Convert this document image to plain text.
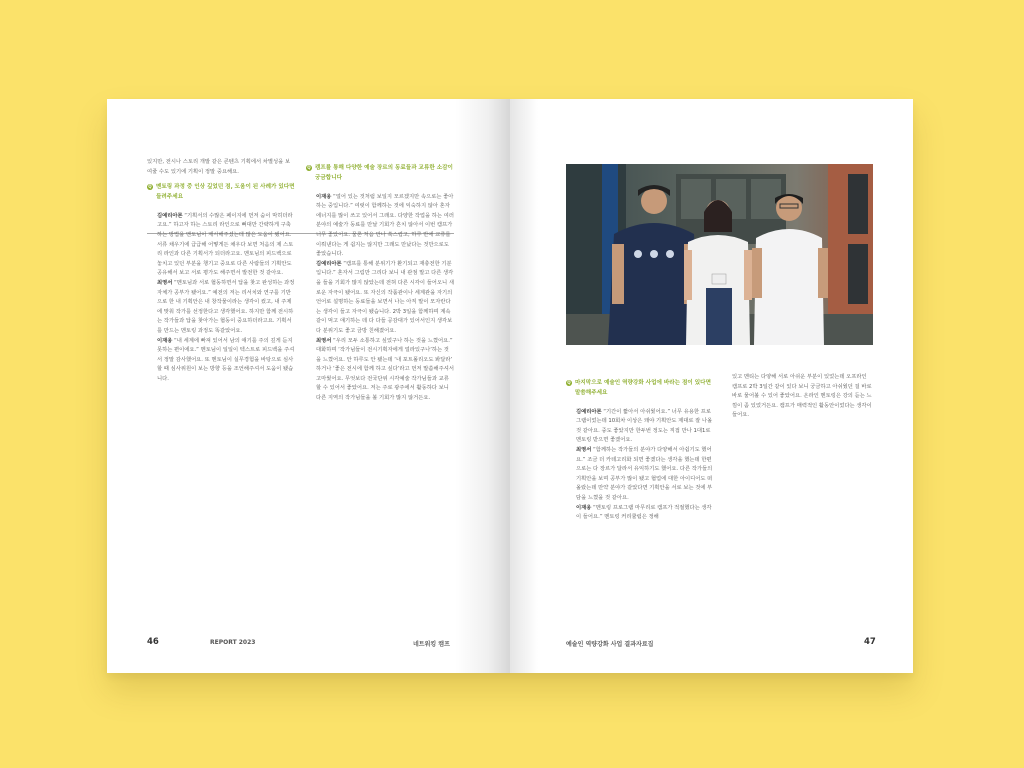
있지만, 전시나 스토리 개발 같은 콘텐츠 기획에서 차별성을 보여줄 수도 있기에 기획이 정말 중요해요.

Q 멘토링 과정 중 인상 깊었던 점, 도움이 된 사례가 있다면 들려주세요

김예리아론 “기획서의 수많은 페이지에 먼저 숨이 막히더라고요.” 하고자 하는 스토리 라인으로 뼈대만 간략하게 구축하는 방법을 멘토님이 제시해주셨는데 많은 도움이 됐어요. 서류 채우기에 급급해 어떻게든 채우다 보면 처음의 제 스토리 라인과 다른 기획서가 되더라고요. 멘토님의 피드백으로 놓치고 있던 부분을 챙기고 중요로 다른 사람들의 기획안도 공유해서 보고 서로 평가도 해주면서 발전한 것 같아요.

최영서 “멘토님과 서로 협동하면서 답을 찾고 완성하는 과정 자체가 공부가 됐어요.” 예전의 저는 리서치와 연구를 기반으로 한 내 기획안은 내 창작물이라는 생각이 컸고, 내 주제에 맞춰 작가를 선정한다고 생각했어요. 하지만 함께 전시하는 작가들과 답을 찾아가는 협동이 중요하더라고요. 기획서를 만드는 멘토링 과정도 똑같았어요.

이재웅 “내 세계에 빠져 있어서 남의 얘기를 주의 깊게 듣지 못하는 편이에요.” 멘토님이 일일이 텍스트로 피드백을 주셔서 정말 감사했어요. 또 멘토님이 실무경험을 바탕으로 심사할 때 심사위원이 보는 방향 등을 조언해주셔서 도움이 됐습니다.

Q 캠프를 통해 다양한 예술 장르의 동료들과 교류한 소감이 궁금합니다

이재웅 “얼어 있는 것처럼 보일지 모르겠지만 속으로는 좋아하는 중입니다.” 여럿이 함께하는 것에 익숙하지 않아 혼자 에너지를 많이 쓰고 있어서 그래요. 다양한 작업을 하는 여러 분야의 예술가 동료를 만날 기회가 흔치 않아서 이번 캠프가 너무 좋았어요. 물론 처음 만나 쑥스럽고, 하루 반에 교류를 이뤄낸다는 게 쉽지는 않지만 그래도 만났다는 것만으로도 좋았습니다.

김예리아론 “캠프를 통해 분위기가 환기되고 재충전한 기분입니다.” 혼자서 그림만 그리다 보니 내 관점 말고 다른 생각을 들을 기회가 많지 않았는데 전혀 다른 시각이 들어오니 새로운 자극이 됐어요. 또 자신의 작품관이나 세계관을 자기의 언어로 설명하는 동료들을 보면서 나는 아직 말이 모자란다는 생각이 들고 자극이 됐습니다. 2박 3일을 함께하며 계속 같이 먹고 얘기하는 데 다 다들 공감대가 있어서인지 생각보다 분위기도 좋고 금방 친해졌어요.

최영서 “우리 모두 소통하고 싶었구나 하는 것을 느꼈어요.” 대화하며 ‘작가님들이 전시기획자에게 얼라있구나’하는 것을 느꼈어요. 안 하루도 안 됐는데 ‘내 포트폴리오도 봐달라’ 하거나 ‘좋은 전시에 함께 하고 싶다’라고 먼저 말씀해주셔서 고마웠어요. 무엇보다 전국단위 시각예술 작가님들과 교류할 수 있어서 좋았어요. 저는 주로 광주에서 활동하다 보니 다른 지역의 작가님들을 볼 기회가 많지 않거든요.

46	REPORT 2023	네트워킹 캠프

Q 마지막으로 예술인 역량강화 사업에 바라는 점이 있다면 말씀해주세요

김예리아론 “기간이 짧아서 아쉬웠어요.” 너무 유용한 프로그램이었는데 10회차 이상은 돼야 기획안도 제대로 잘 나올 것 같아요. 중도 좋았지만 한두번 정도는 직접 만나 1대1로 멘토링 받으면 좋겠어요.

최영서 “함께하는 작가들의 분야가 다양해서 아쉽기도 했어요.” 조금 더 카테고리화 되면 좋겠다는 생각을 했는데 한편으로는 다 장르가 달라서 유익하기도 했어요. 다른 작가들의 기획안을 보며 공부가 많이 됐고 협업에 대한 아이디어도 떠올랐는데 만약 분야가 같았다면 기획안을 서로 보는 것에 부담을 느꼈을 것 같아요.

이재웅 “멘토링 프로그램 마무리로 캠프가 적절했다는 생각이 들어요.” 멘토링 커리큘럼은 정해

있고 멘티는 다양해 서로 아쉬운 부분이 있었는데 오프라인 캠프로 2박 3일간 같이 있다 보니 궁금하고 아쉬웠던 걸 바로바로 물어볼 수 있어 좋았어요. 온라인 멘토링은 강의 듣는 느낌이 좀 있었거든요. 캠프가 매력적인 활동안이었다는 생각이 들어요.

예술인 역량강화 사업 결과자료집	47
